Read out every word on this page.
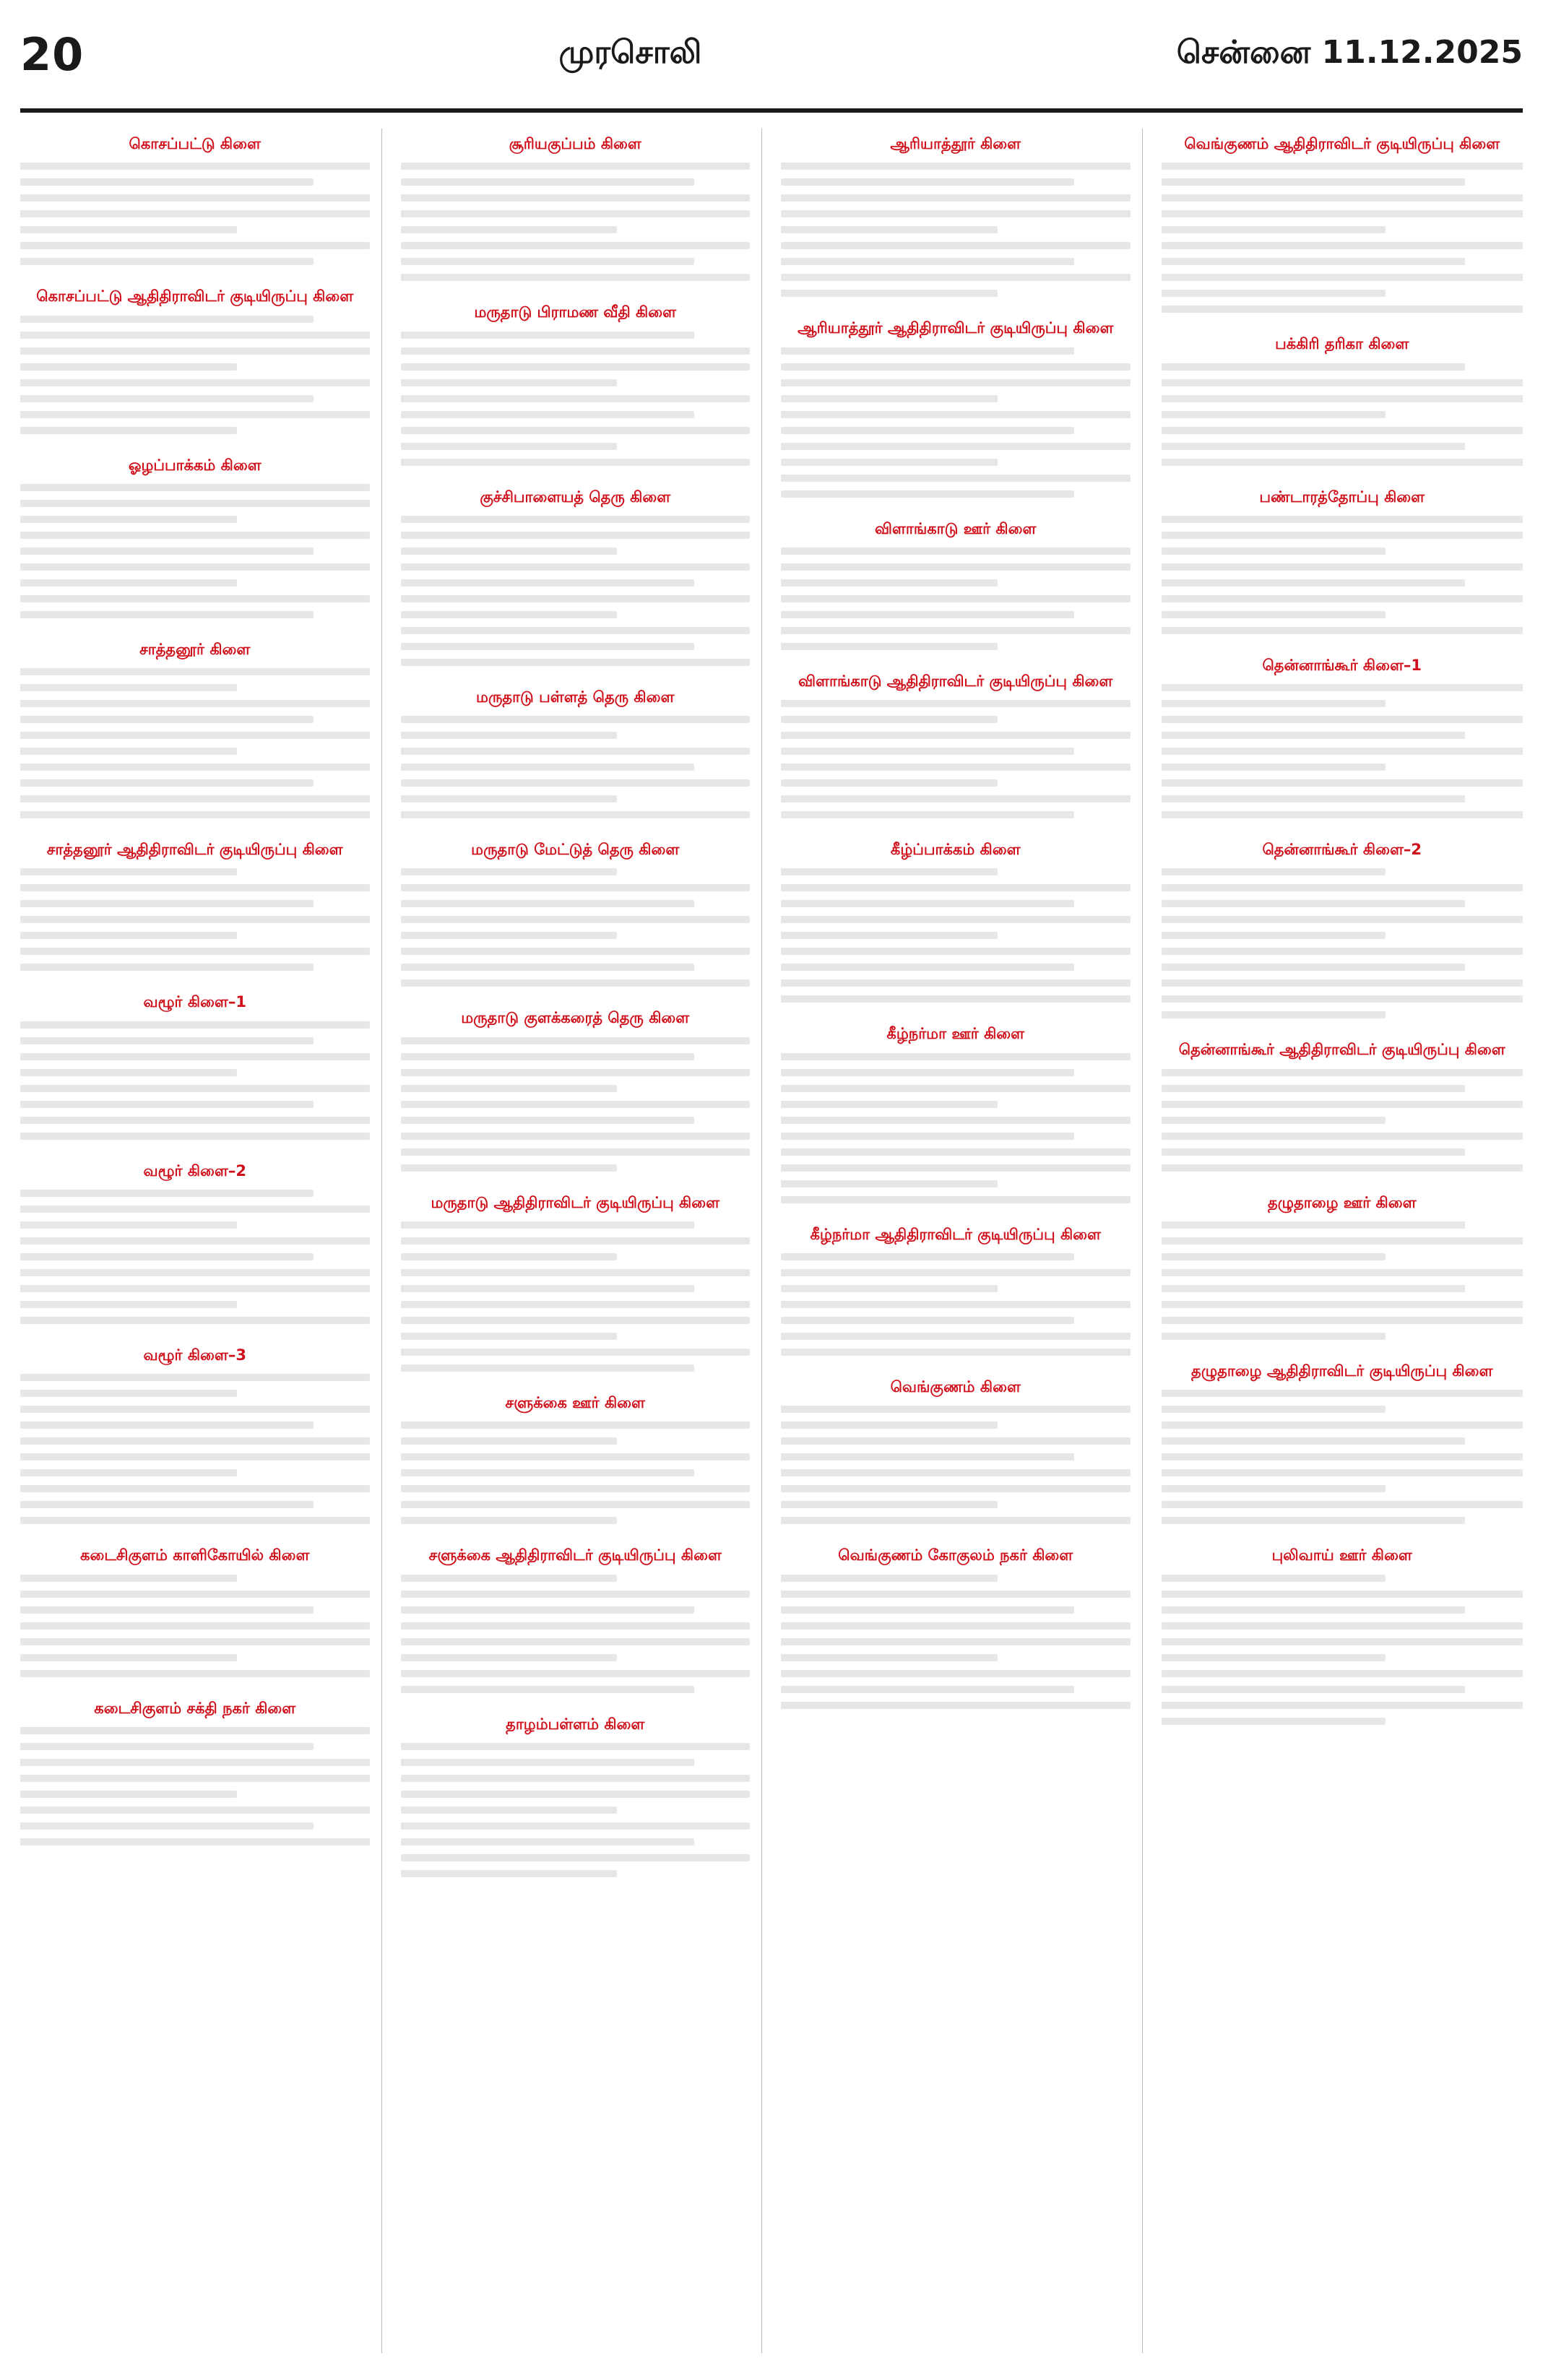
20	முரசொலி	சென்னை 11.12.2025
கொசப்பட்டு கிளை
கொசப்பட்டு ஆதிதிராவிடர் குடியிருப்பு கிளை
ஓழப்பாக்கம் கிளை
சாத்தனூர் கிளை
சாத்தனூர் ஆதிதிராவிடர் குடியிருப்பு கிளை
வழூர் கிளை–1
வழூர் கிளை–2
வழூர் கிளை–3
கடைசிகுளம் காளிகோயில் கிளை
கடைசிகுளம் சக்தி நகர் கிளை
சூரியகுப்பம் கிளை
மருதாடு பிராமண வீதி கிளை
குச்சிபாளையத் தெரு கிளை
மருதாடு பள்ளத் தெரு கிளை
மருதாடு மேட்டுத் தெரு கிளை
மருதாடு குளக்கரைத் தெரு கிளை
மருதாடு ஆதிதிராவிடர் குடியிருப்பு கிளை
சளுக்கை ஊர் கிளை
சளுக்கை ஆதிதிராவிடர் குடியிருப்பு கிளை
தாழம்பள்ளம் கிளை
ஆரியாத்தூர் கிளை
ஆரியாத்தூர் ஆதிதிராவிடர் குடியிருப்பு கிளை
விளாங்காடு ஊர் கிளை
விளாங்காடு ஆதிதிராவிடர் குடியிருப்பு கிளை
கீழ்ப்பாக்கம் கிளை
கீழ்நர்மா ஊர் கிளை
கீழ்நர்மா ஆதிதிராவிடர் குடியிருப்பு கிளை
வெங்குணம் கிளை
வெங்குணம் கோகுலம் நகர் கிளை
வெங்குணம் ஆதிதிராவிடர் குடியிருப்பு கிளை
பக்கிரி தரிகா கிளை
பண்டாரத்தோப்பு கிளை
தென்னாங்கூர் கிளை–1
தென்னாங்கூர் கிளை–2
தென்னாங்கூர் ஆதிதிராவிடர் குடியிருப்பு கிளை
தழுதாழை ஊர் கிளை
தழுதாழை ஆதிதிராவிடர் குடியிருப்பு கிளை
புலிவாய் ஊர் கிளை
